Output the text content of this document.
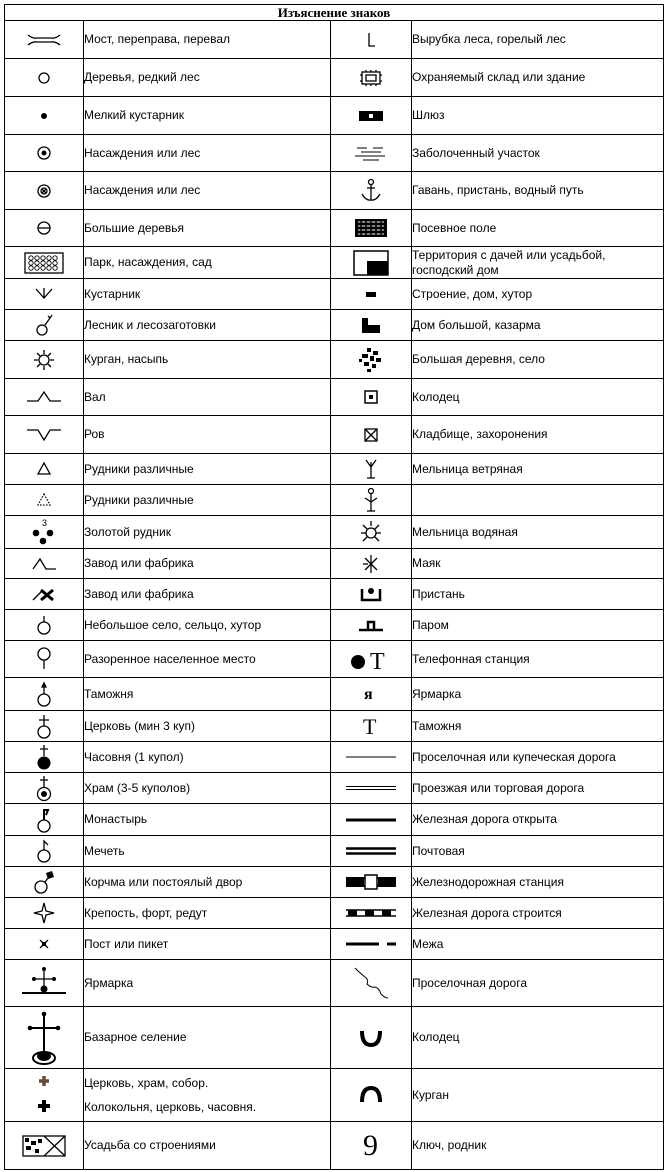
Изъяснение знаков			

	Мост, переправа, перевал		Вырубка леса, горелый лес

	Деревья, редкий лес		Охраняемый склад или здание

	Мелкий кустарник		Шлюз

	Насаждения или лес		Заболоченный участок

	Насаждения или лес		Гавань, пристань, водный путь

	Большие деревья		Посевное поле

	Парк, насаждения, сад		Территория с дачей или усадьбой, господский дом

	Кустарник		Строение, дом, хутор

	Лесник и лесозаготовки		Дом большой, казарма

	Курган, насыпь		Большая деревня, село

	Вал		Колодец

	Ров		Кладбище, захоронения

	Рудники различные		Мельница ветряная

	Рудники различные	

3	Золотой рудник		Мельница водяная

	Завод или фабрика		Маяк

	Завод или фабрика		Пристань

	Небольшое село, сельцо, хутор		Паром

	Разоренное населенное место	T	Телефонная станция

	Таможня	я	Ярмарка

	Церковь (мин 3 куп)	T	Таможня

	Часовня (1 купол)		Проселочная или купеческая дорога

	Храм (3-5 куполов)		Проезжая или торговая дорога

	Монастырь		Железная дорога открыта

	Мечеть		Почтовая

	Корчма или постоялый двор		Железнодорожная станция

	Крепость, форт, редут		Железная дорога строится

	Пост или пикет		Межа

	Ярмарка		Проселочная дорога

	Базарное селение		Колодец

Церковь, храм, собор.
Колокольня, церковь, часовня.		Курган

	Усадьба со строениями	9	Ключ, родник
